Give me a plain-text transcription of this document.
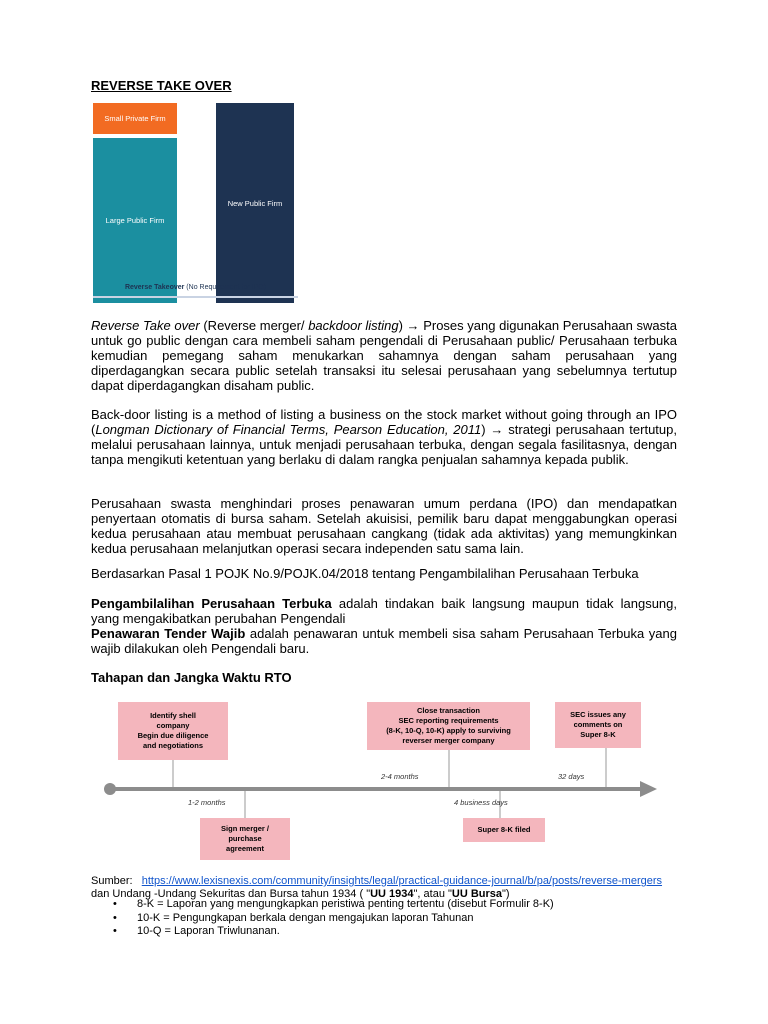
REVERSE TAKE OVER
Small Private Firm
Large Public Firm
New Public Firm
Reverse Takeover (No Requirement for IPO)
Reverse Take over (Reverse merger/ backdoor listing) → Proses yang digunakan Perusahaan swasta untuk go public dengan cara membeli saham pengendali di Perusahaan public/ Perusahaan terbuka kemudian pemegang saham menukarkan sahamnya dengan saham perusahaan yang diperdagangkan secara public setelah transaksi itu selesai perusahaan yang sebelumnya tertutup dapat diperdagangkan disaham public.
Back-door listing is a method of listing a business on the stock market without going through an IPO (Longman Dictionary of Financial Terms, Pearson Education, 2011) → strategi perusahaan tertutup, melalui perusahaan lainnya, untuk menjadi perusahaan terbuka, dengan segala fasilitasnya, dengan tanpa mengikuti ketentuan yang berlaku di dalam rangka penjualan sahamnya kepada publik.
Perusahaan swasta menghindari proses penawaran umum perdana (IPO) dan mendapatkan penyertaan otomatis di bursa saham. Setelah akuisisi, pemilik baru dapat menggabungkan operasi kedua perusahaan atau membuat perusahaan cangkang (tidak ada aktivitas) yang memungkinkan kedua perusahaan melanjutkan operasi secara independen satu sama lain.
Berdasarkan Pasal 1 POJK No.9/POJK.04/2018 tentang Pengambilalihan Perusahaan Terbuka
Pengambilalihan Perusahaan Terbuka adalah tindakan baik langsung maupun tidak langsung, yang mengakibatkan perubahan Pengendali
Penawaran Tender Wajib adalah penawaran untuk membeli sisa saham Perusahaan Terbuka yang wajib dilakukan oleh Pengendali baru.
Tahapan dan Jangka Waktu RTO
Identify shell
company
Begin due diligence
and negotiations
Close transaction
SEC reporting requirements
(8-K, 10-Q, 10-K) apply to surviving
reverser merger company
SEC issues any
comments on
Super 8-K
Sign merger /
purchase
agreement
Super 8-K filed
1-2 months
2-4 months
4 business days
32 days
Sumber: https://www.lexisnexis.com/community/insights/legal/practical-guidance-journal/b/pa/posts/reverse-mergers
dan Undang -Undang Sekuritas dan Bursa tahun 1934 ( "UU 1934", atau "UU Bursa")
• 8-K = Laporan yang mengungkapkan peristiwa penting tertentu (disebut Formulir 8-K)
• 10-K = Pengungkapan berkala dengan mengajukan laporan Tahunan
• 10-Q = Laporan Triwlunanan.
